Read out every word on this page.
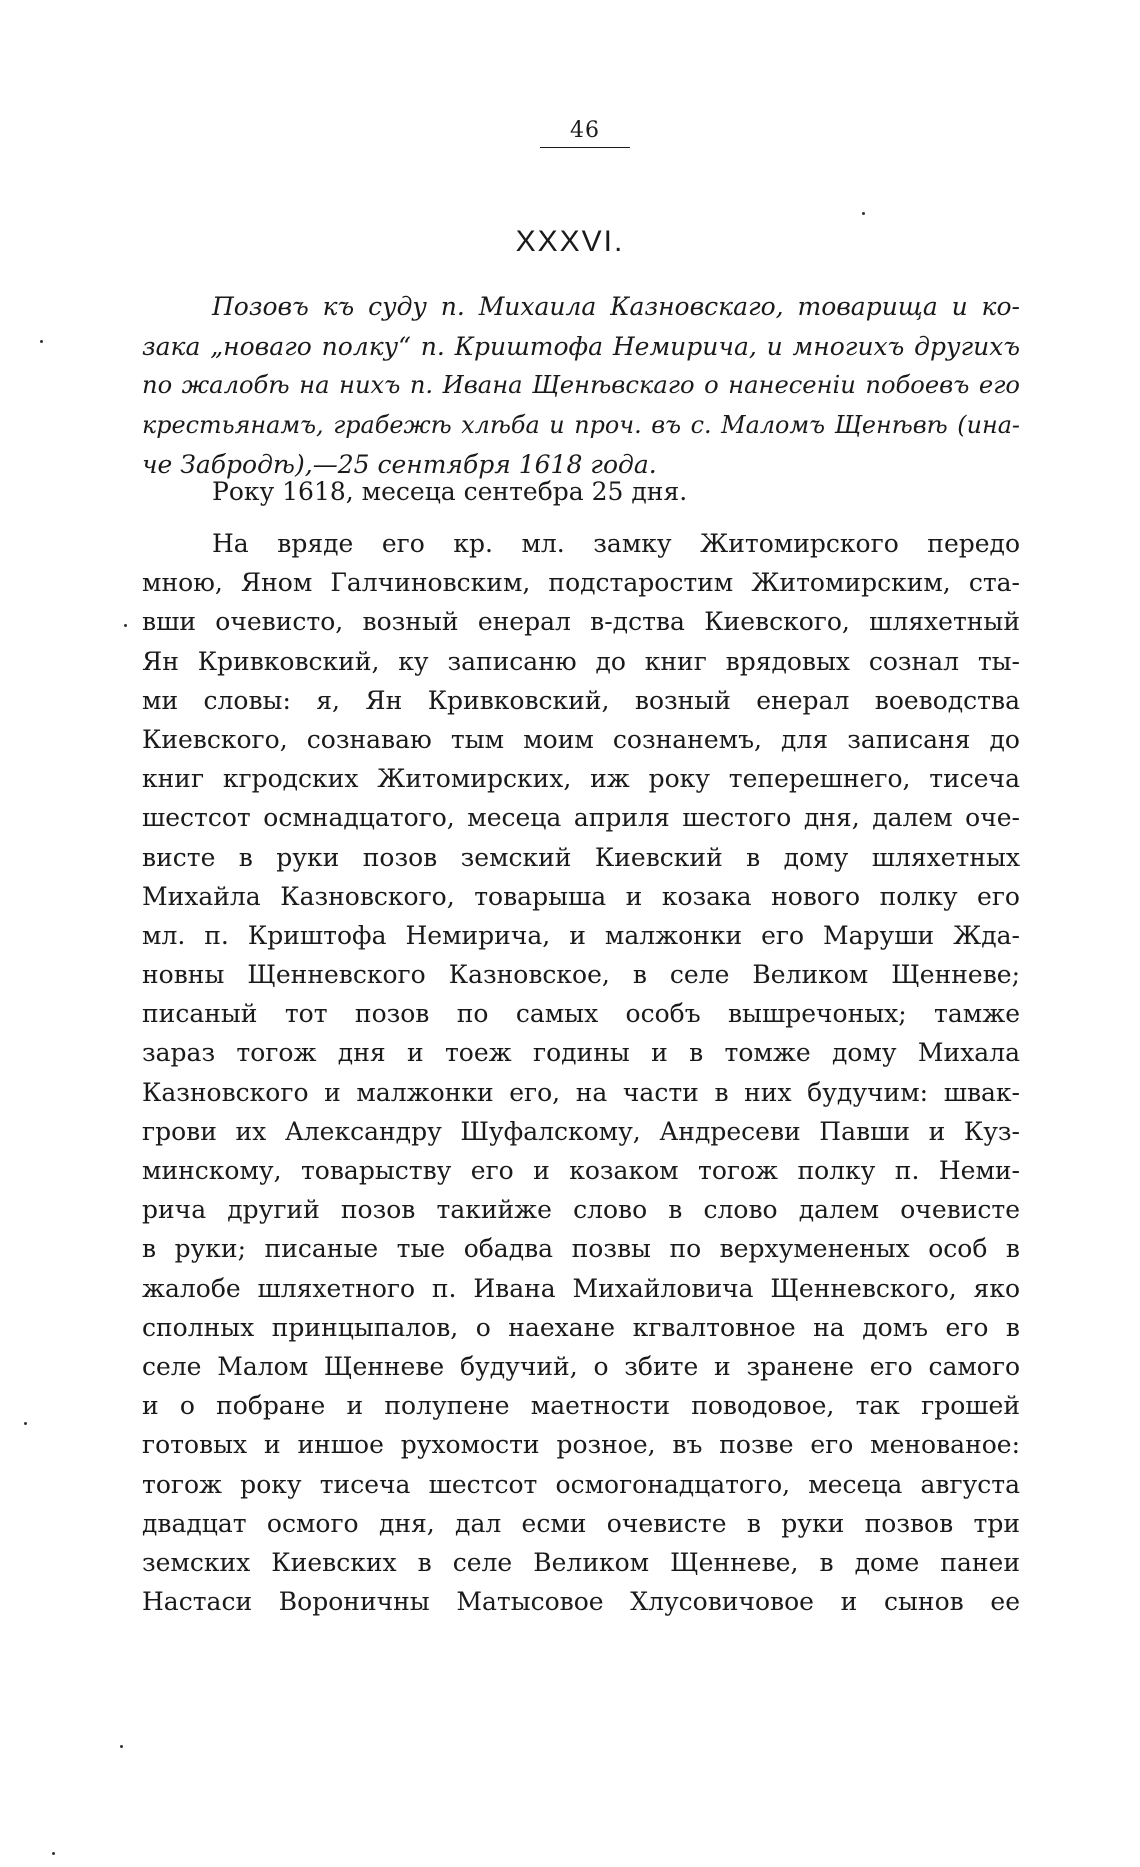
46
XXXVI.
Позовъ къ суду п. Михаила Казновскаго, товарища и ко-
зака „новаго полку“ п. Криштофа Немирича, и многихъ другихъ
по жалобѣ на нихъ п. Ивана Щенѣвскаго о нанесеніи побоевъ его
крестьянамъ, грабежѣ хлѣба и проч. въ с. Маломъ Щенѣвѣ (ина-
че Забродѣ),—25 сентября 1618 года.
Року 1618, месеца сентебра 25 дня.
На вряде его кр. мл. замку Житомирского передо
мною, Яном Галчиновским, подстаростим Житомирским, ста-
вши очевисто, возный енерал в-дства Киевского, шляхетный
Ян Кривковский, ку записаню до книг врядовых сознал ты-
ми словы: я, Ян Кривковский, возный енерал воеводства
Киевского, сознаваю тым моим сознанемъ, для записаня до
книг кгродских Житомирских, иж року теперешнего, тисеча
шестсот осмнадцатого, месеца априля шестого дня, далем оче-
висте в руки позов земский Киевский в дому шляхетных
Михайла Казновского, товарыша и козака нового полку его
мл. п. Криштофа Немирича, и малжонки его Маруши Жда-
новны Щенневского Казновское, в селе Великом Щенневе;
писаный тот позов по самых особъ вышречоных; тамже
зараз тогож дня и тоеж годины и в томже дому Михала
Казновского и малжонки его, на части в них будучим: швак-
грови их Александру Шуфалскому, Андресеви Павши и Куз-
минскому, товарыству его и козаком тогож полку п. Неми-
рича другий позов такийже слово в слово далем очевисте
в руки; писаные тые обадва позвы по верхумененых особ в
жалобе шляхетного п. Ивана Михайловича Щенневского, яко
сполных принцыпалов, о наехане кгвалтовное на домъ его в
селе Малом Щенневе будучий, о збите и зранене его самого
и о побране и полупене маетности поводовое, так грошей
готовых и иншое рухомости розное, въ позве его менованое:
тогож року тисеча шестсот осмогонадцатого, месеца августа
двадцат осмого дня, дал есми очевисте в руки позвов три
земских Киевских в селе Великом Щенневе, в доме панеи
Настаси Вороничны Матысовое Хлусовичовое и сынов ее
